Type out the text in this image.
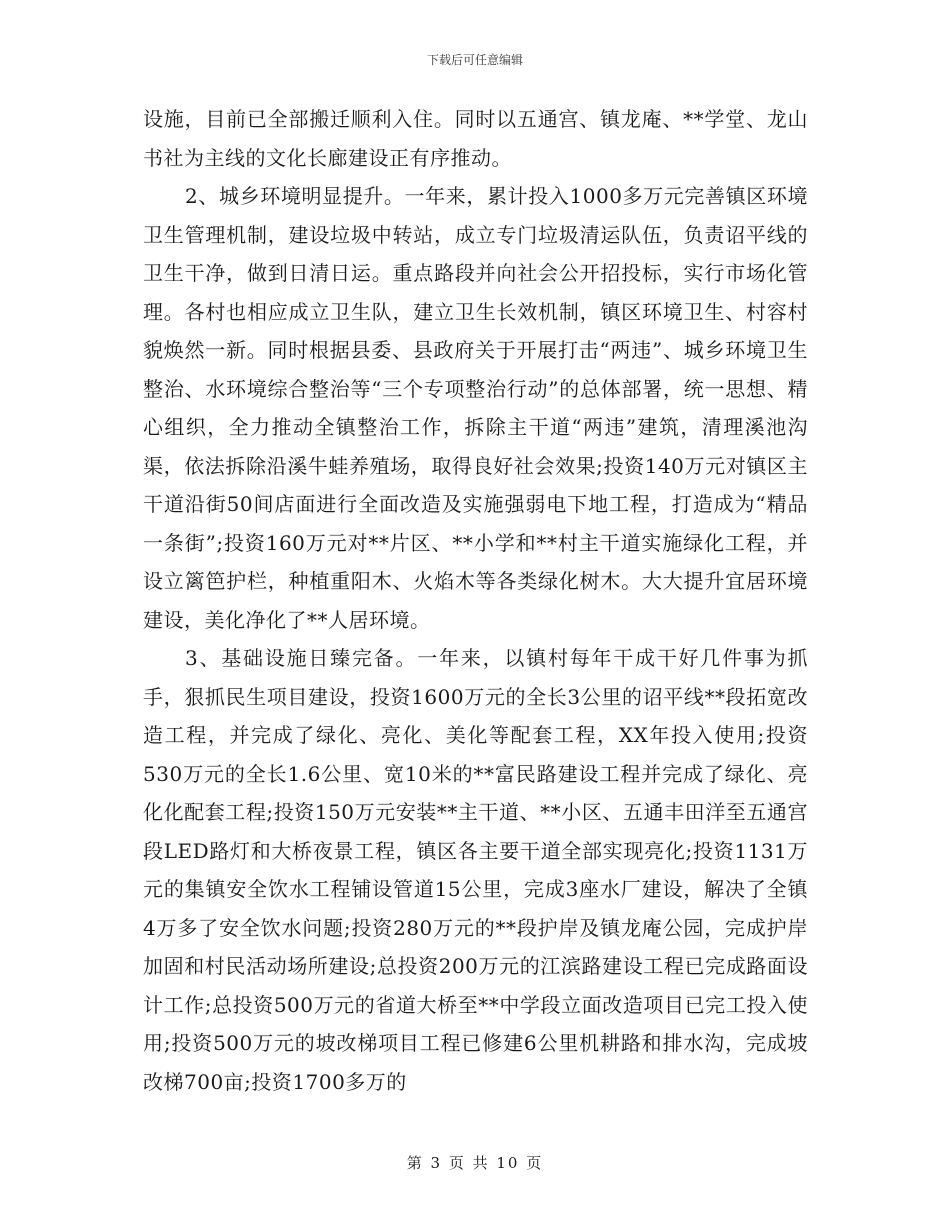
下载后可任意编辑

设施，目前已全部搬迁顺利入住。同时以五通宫、镇龙庵、**学堂、龙山书社为主线的文化长廊建设正有序推动。

2、城乡环境明显提升。一年来，累计投入1000多万元完善镇区环境卫生管理机制，建设垃圾中转站，成立专门垃圾清运队伍，负责诏平线的卫生干净，做到日清日运。重点路段并向社会公开招投标，实行市场化管理。各村也相应成立卫生队，建立卫生长效机制，镇区环境卫生、村容村貌焕然一新。同时根据县委、县政府关于开展打击“两违”、城乡环境卫生整治、水环境综合整治等“三个专项整治行动”的总体部署，统一思想、精心组织，全力推动全镇整治工作，拆除主干道“两违”建筑，清理溪池沟渠，依法拆除沿溪牛蛙养殖场，取得良好社会效果;投资140万元对镇区主干道沿街50间店面进行全面改造及实施强弱电下地工程，打造成为“精品一条街”;投资160万元对**片区、**小学和**村主干道实施绿化工程，并设立篱笆护栏，种植重阳木、火焰木等各类绿化树木。大大提升宜居环境建设，美化净化了**人居环境。

3、基础设施日臻完备。一年来，以镇村每年干成干好几件事为抓手，狠抓民生项目建设，投资1600万元的全长3公里的诏平线**段拓宽改造工程，并完成了绿化、亮化、美化等配套工程，XX年投入使用;投资530万元的全长1.6公里、宽10米的**富民路建设工程并完成了绿化、亮化化配套工程;投资150万元安装**主干道、**小区、五通丰田洋至五通宫段LED路灯和大桥夜景工程，镇区各主要干道全部实现亮化;投资1131万元的集镇安全饮水工程铺设管道15公里，完成3座水厂建设，解决了全镇4万多了安全饮水问题;投资280万元的**段护岸及镇龙庵公园，完成护岸加固和村民活动场所建设;总投资200万元的江滨路建设工程已完成路面设计工作;总投资500万元的省道大桥至**中学段立面改造项目已完工投入使用;投资500万元的坡改梯项目工程已修建6公里机耕路和排水沟，完成坡改梯700亩;投资1700多万的

第 3 页 共 10 页
